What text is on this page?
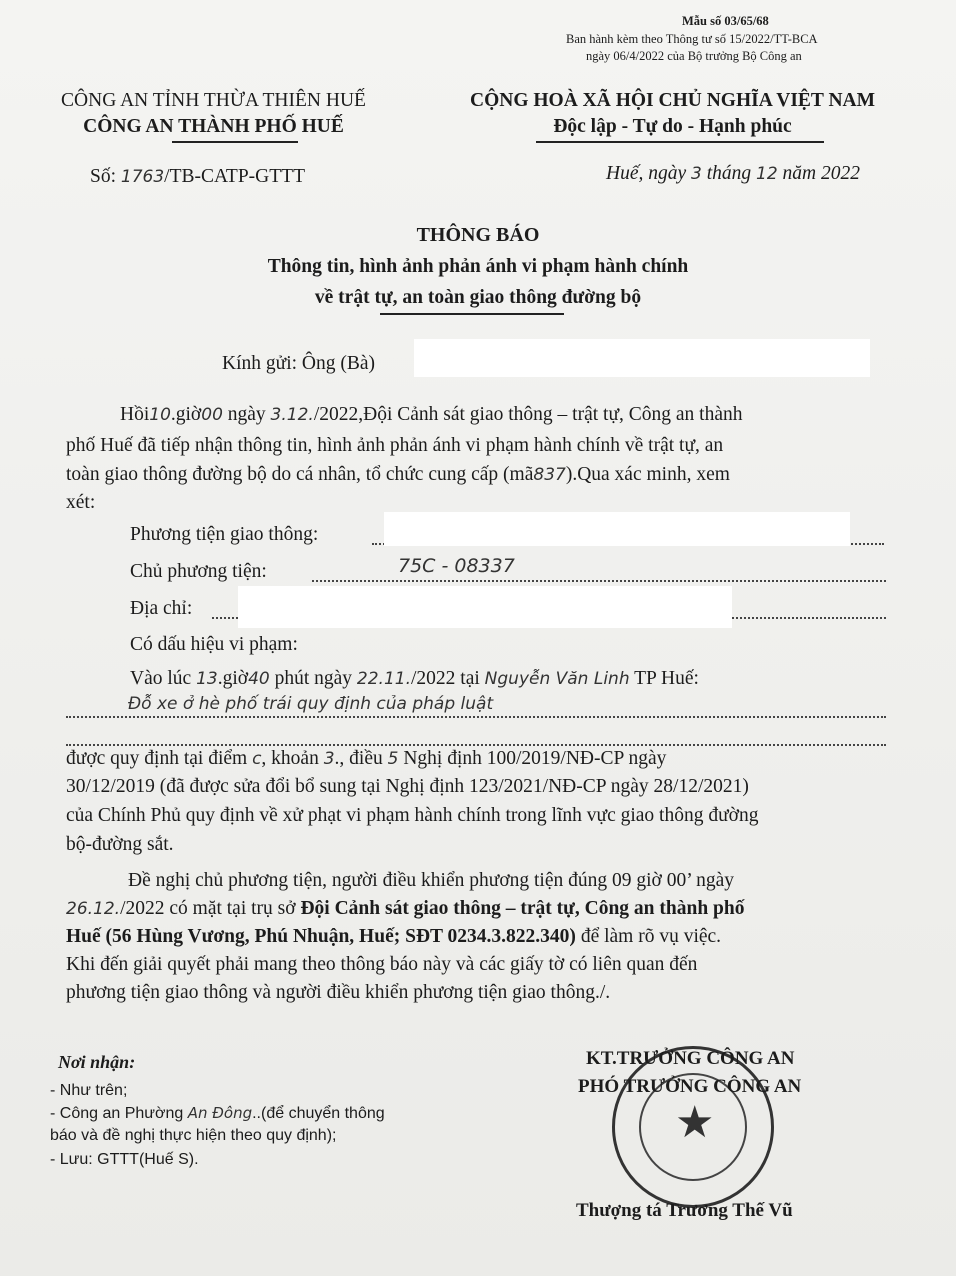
Mẫu số 03/65/68
Ban hành kèm theo Thông tư số 15/2022/TT-BCA
ngày 06/4/2022 của Bộ trưởng Bộ Công an
CÔNG AN TỈNH THỪA THIÊN HUẾ
CÔNG AN THÀNH PHỐ HUẾ
CỘNG HOÀ XÃ HỘI CHỦ NGHĨA VIỆT NAM
Độc lập - Tự do - Hạnh phúc
Số: 1763/TB-CATP-GTTT	Huế, ngày 3 tháng 12 năm 2022
THÔNG BÁO
Thông tin, hình ảnh phản ánh vi phạm hành chính
về trật tự, an toàn giao thông đường bộ
Kính gửi: Ông (Bà)
Hồi10.giờ00 ngày 3.12./2022,Đội Cảnh sát giao thông – trật tự, Công an thành
phố Huế đã tiếp nhận thông tin, hình ảnh phản ánh vi phạm hành chính về trật tự, an
toàn giao thông đường bộ do cá nhân, tổ chức cung cấp (mã837).Qua xác minh, xem
xét:
Phương tiện giao thông:
Chủ phương tiện:	75C - 08337
Địa chỉ:
Có dấu hiệu vi phạm:
Vào lúc 13.giờ40 phút ngày 22.11./2022 tại Nguyễn Văn Linh TP Huế:
Đỗ xe ở hè phố trái quy định của pháp luật
được quy định tại điểm c, khoản 3., điều 5 Nghị định 100/2019/NĐ-CP ngày
30/12/2019 (đã được sửa đổi bổ sung tại Nghị định 123/2021/NĐ-CP ngày 28/12/2021)
của Chính Phủ quy định về xử phạt vi phạm hành chính trong lĩnh vực giao thông đường
bộ-đường sắt.
Đề nghị chủ phương tiện, người điều khiển phương tiện đúng 09 giờ 00’ ngày
26.12./2022 có mặt tại trụ sở Đội Cảnh sát giao thông – trật tự, Công an thành phố
Huế (56 Hùng Vương, Phú Nhuận, Huế; SĐT 0234.3.822.340) để làm rõ vụ việc.
Khi đến giải quyết phải mang theo thông báo này và các giấy tờ có liên quan đến
phương tiện giao thông và người điều khiển phương tiện giao thông./.
Nơi nhận:
- Như trên;
- Công an Phường An Đông..(để chuyển thông
báo và đề nghị thực hiện theo quy định);
- Lưu: GTTT(Huế S).
★
KT.TRƯỞNG CÔNG AN
PHÓ TRƯỞNG CÔNG AN
Thượng tá Trương Thế Vũ
